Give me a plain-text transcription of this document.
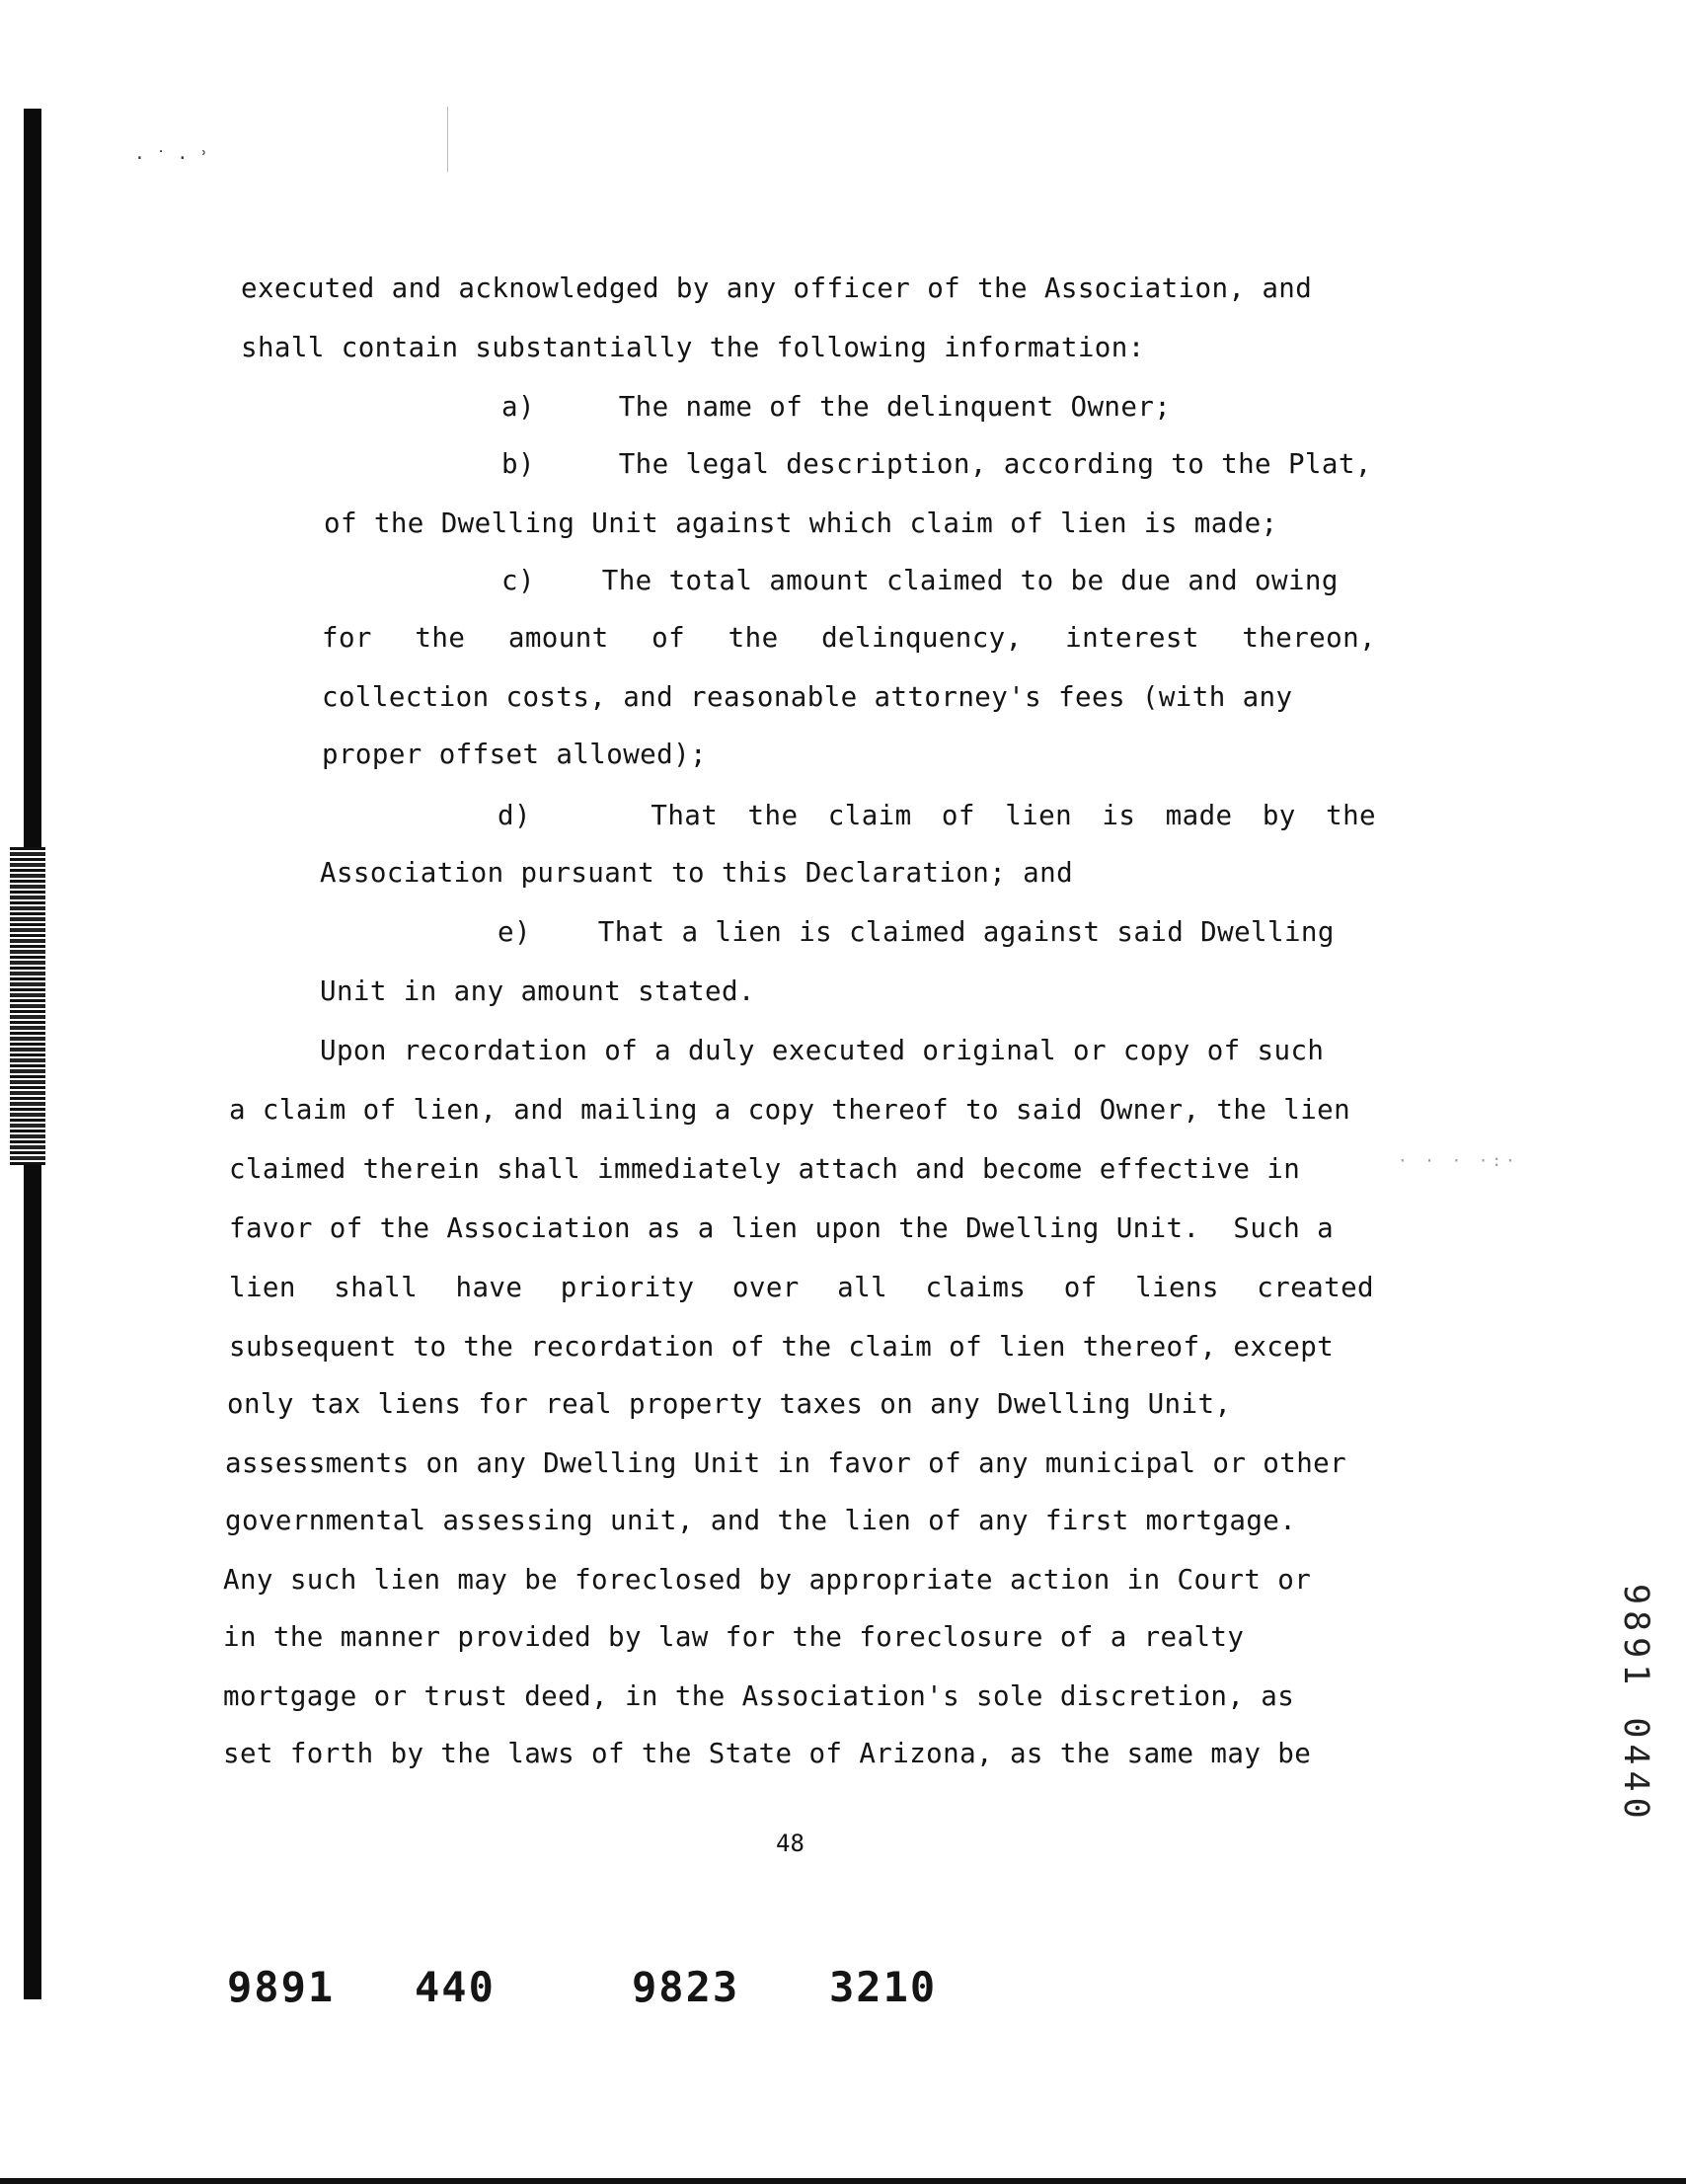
· ˙ · ʾ
executed and acknowledged by any officer of the Association, and
shall contain substantially the following information:
a)     The name of the delinquent Owner;
b)     The legal description, according to the Plat,
of the Dwelling Unit against which claim of lien is made;
c)    The total amount claimed to be due and owing
for the amount of the delinquency, interest thereon,
collection costs, and reasonable attorney's fees (with any
proper offset allowed);
d)    That the claim of lien is made by the
Association pursuant to this Declaration; and
e)    That a lien is claimed against said Dwelling
Unit in any amount stated.
Upon recordation of a duly executed original or copy of such
a claim of lien, and mailing a copy thereof to said Owner, the lien
claimed therein shall immediately attach and become effective in
favor of the Association as a lien upon the Dwelling Unit.  Such a
lien shall have priority over all claims of liens created
subsequent to the recordation of the claim of lien thereof, except
only tax liens for real property taxes on any Dwelling Unit,
assessments on any Dwelling Unit in favor of any municipal or other
governmental assessing unit, and the lien of any first mortgage.
Any such lien may be foreclosed by appropriate action in Court or
in the manner provided by law for the foreclosure of a realty
mortgage or trust deed, in the Association's sole discretion, as
set forth by the laws of the State of Arizona, as the same may be
· · · ·:·
48
9891 440	9823 3210
9891 0440
